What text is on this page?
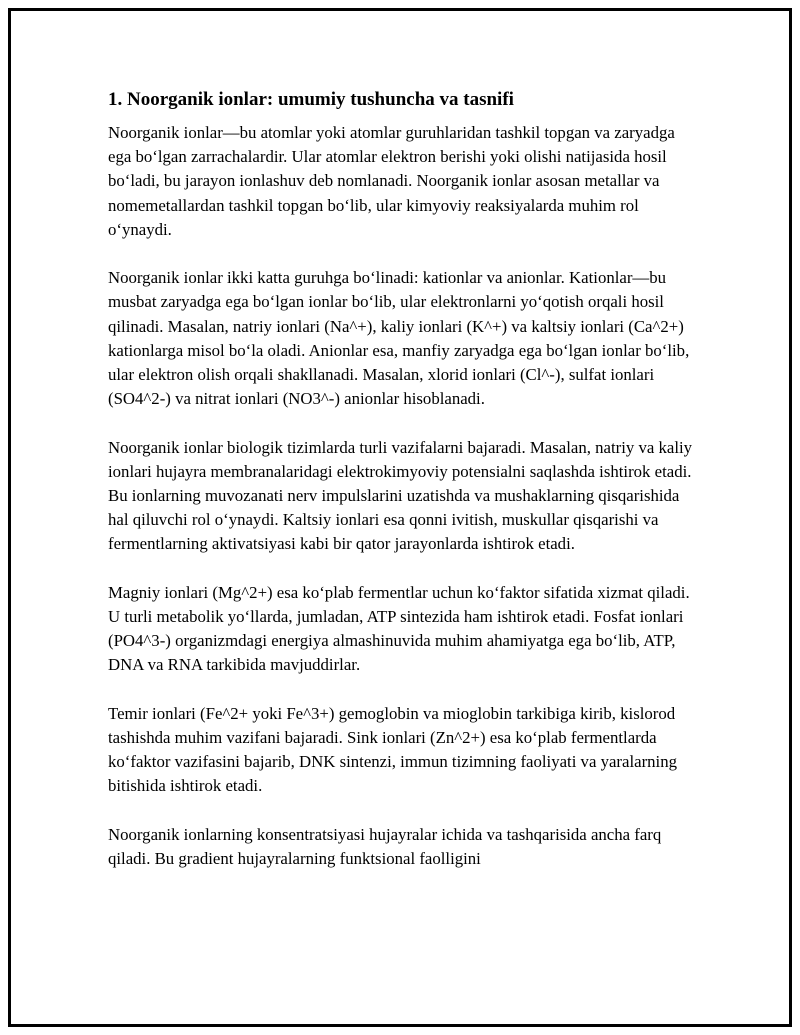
1. Noorganik ionlar: umumiy tushuncha va tasnifi

Noorganik ionlar—bu atomlar yoki atomlar guruhlaridan tashkil topgan va zaryadga ega bo‘lgan zarrachalardir. Ular atomlar elektron berishi yoki olishi natijasida hosil bo‘ladi, bu jarayon ionlashuv deb nomlanadi. Noorganik ionlar asosan metallar va nomemetallardan tashkil topgan bo‘lib, ular kimyoviy reaksiyalarda muhim rol o‘ynaydi.

Noorganik ionlar ikki katta guruhga bo‘linadi: kationlar va anionlar. Kationlar—bu musbat zaryadga ega bo‘lgan ionlar bo‘lib, ular elektronlarni yo‘qotish orqali hosil qilinadi. Masalan, natriy ionlari (Na^+), kaliy ionlari (K^+) va kaltsiy ionlari (Ca^2+) kationlarga misol bo‘la oladi. Anionlar esa, manfiy zaryadga ega bo‘lgan ionlar bo‘lib, ular elektron olish orqali shakllanadi. Masalan, xlorid ionlari (Cl^-), sulfat ionlari (SO4^2-) va nitrat ionlari (NO3^-) anionlar hisoblanadi.

Noorganik ionlar biologik tizimlarda turli vazifalarni bajaradi. Masalan, natriy va kaliy ionlari hujayra membranalaridagi elektrokimyoviy potensialni saqlashda ishtirok etadi. Bu ionlarning muvozanati nerv impulslarini uzatishda va mushaklarning qisqarishida hal qiluvchi rol o‘ynaydi. Kaltsiy ionlari esa qonni ivitish, muskullar qisqarishi va fermentlarning aktivatsiyasi kabi bir qator jarayonlarda ishtirok etadi.

Magniy ionlari (Mg^2+) esa ko‘plab fermentlar uchun ko‘faktor sifatida xizmat qiladi. U turli metabolik yo‘llarda, jumladan, ATP sintezida ham ishtirok etadi. Fosfat ionlari (PO4^3-) organizmdagi energiya almashinuvida muhim ahamiyatga ega bo‘lib, ATP, DNA va RNA tarkibida mavjuddirlar.

Temir ionlari (Fe^2+ yoki Fe^3+) gemoglobin va mioglobin tarkibiga kirib, kislorod tashishda muhim vazifani bajaradi. Sink ionlari (Zn^2+) esa ko‘plab fermentlarda ko‘faktor vazifasini bajarib, DNK sintenzi, immun tizimning faoliyati va yaralarning bitishida ishtirok etadi.

Noorganik ionlarning konsentratsiyasi hujayralar ichida va tashqarisida ancha farq qiladi. Bu gradient hujayralarning funktsional faolligini
